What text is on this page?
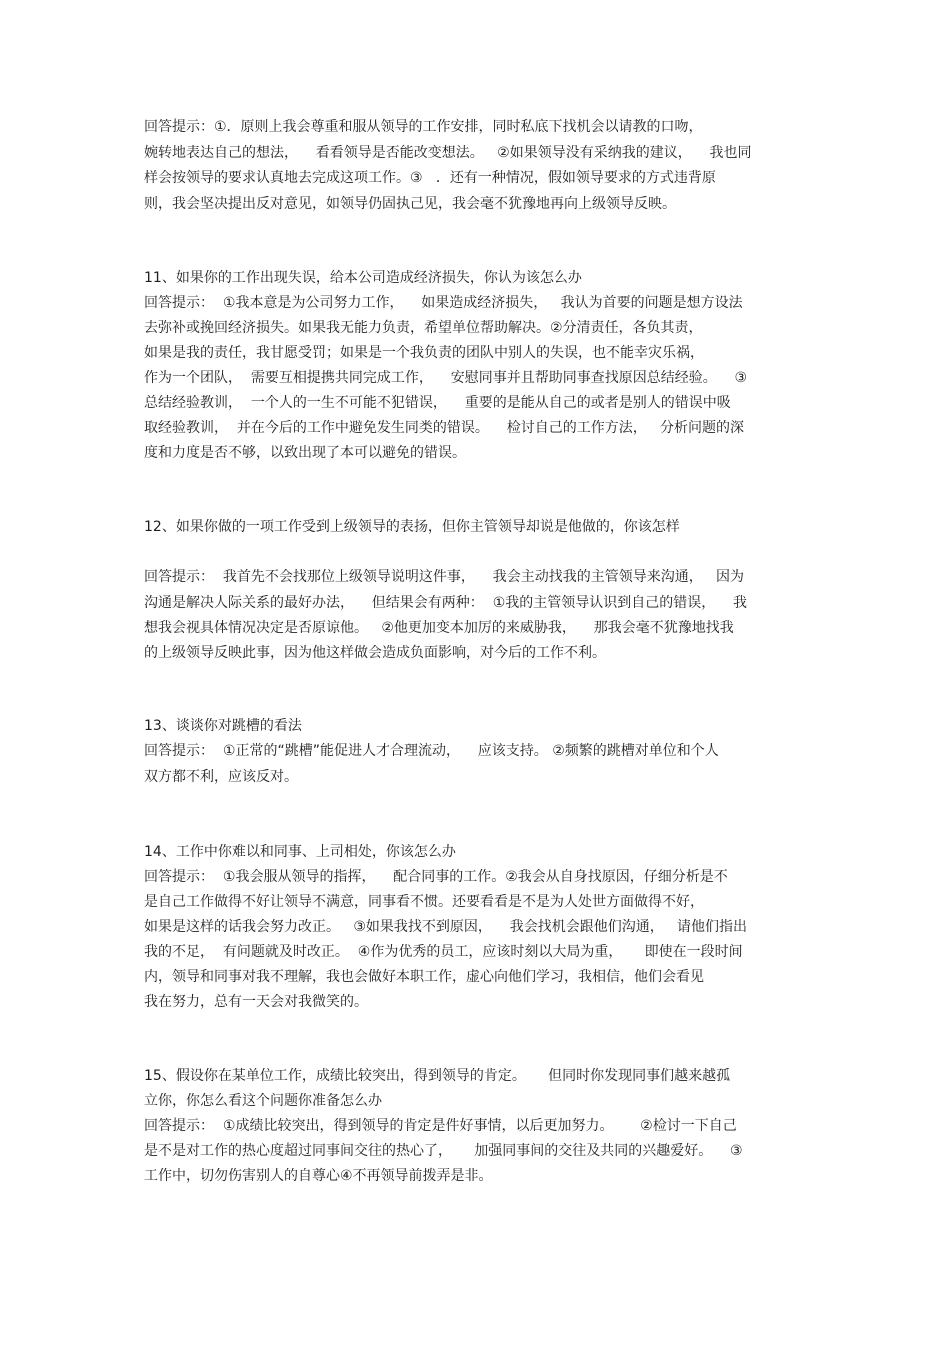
回答提示：①．原则上我会尊重和服从领导的工作安排，同时私底下找机会以请教的口吻，
婉转地表达自己的想法，    看看领导是否能改变想法。   ②如果领导没有采纳我的建议，    我也同
样会按领导的要求认真地去完成这项工作。③   ．还有一种情况，假如领导要求的方式违背原
则，我会坚决提出反对意见，如领导仍固执己见，我会毫不犹豫地再向上级领导反映。
11、如果你的工作出现失误，给本公司造成经济损失，你认为该怎么办
回答提示：  ①我本意是为公司努力工作，    如果造成经济损失，   我认为首要的问题是想方设法
去弥补或挽回经济损失。如果我无能力负责，希望单位帮助解决。②分清责任，各负其责，
如果是我的责任，我甘愿受罚；如果是一个我负责的团队中别人的失误，也不能幸灾乐祸，
作为一个团队，  需要互相提携共同完成工作，    安慰同事并且帮助同事查找原因总结经验。    ③
总结经验教训，  一个人的一生不可能不犯错误，    重要的是能从自己的或者是别人的错误中吸
取经验教训，  并在今后的工作中避免发生同类的错误。    检讨自己的工作方法，   分析问题的深
度和力度是否不够，以致出现了本可以避免的错误。
12、如果你做的一项工作受到上级领导的表扬，但你主管领导却说是他做的，你该怎样
回答提示：  我首先不会找那位上级领导说明这件事，    我会主动找我的主管领导来沟通，   因为
沟通是解决人际关系的最好办法，    但结果会有两种：  ①我的主管领导认识到自己的错误，    我
想我会视具体情况决定是否原谅他。   ②他更加变本加厉的来威胁我，    那我会毫不犹豫地找我
的上级领导反映此事，因为他这样做会造成负面影响，对今后的工作不利。
13、谈谈你对跳槽的看法
回答提示：  ①正常的“跳槽”能促进人才合理流动，    应该支持。 ②频繁的跳槽对单位和个人
双方都不利，应该反对。
14、工作中你难以和同事、上司相处，你该怎么办
回答提示：  ①我会服从领导的指挥，    配合同事的工作。②我会从自身找原因，仔细分析是不
是自己工作做得不好让领导不满意，同事看不惯。还要看看是不是为人处世方面做得不好，
如果是这样的话我会努力改正。   ③如果我找不到原因，    我会找机会跟他们沟通，   请他们指出
我的不足，  有问题就及时改正。  ④作为优秀的员工，应该时刻以大局为重，     即使在一段时间
内，领导和同事对我不理解，我也会做好本职工作，虚心向他们学习，我相信，他们会看见
我在努力，总有一天会对我微笑的。
15、假设你在某单位工作，成绩比较突出，得到领导的肯定。     但同时你发现同事们越来越孤
立你，你怎么看这个问题你准备怎么办
回答提示：  ①成绩比较突出，得到领导的肯定是件好事情，以后更加努力。      ②检讨一下自己
是不是对工作的热心度超过同事间交往的热心了，     加强同事间的交往及共同的兴趣爱好。    ③
工作中，切勿伤害别人的自尊心④不再领导前拨弄是非。
